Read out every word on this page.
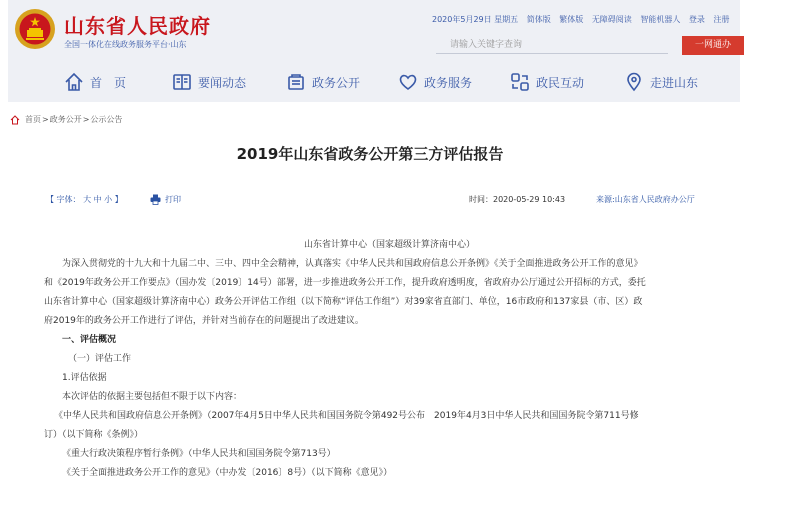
山东省人民政府
全国一体化在线政务服务平台·山东
2020年5月29日 星期五 简体版 繁体版 无障碍阅读 智能机器人 登录 注册
请输入关键字查询
一网通办
首　页	要闻动态	政务公开	政务服务	政民互动	走进山东
首页 > 政务公开 > 公示公告
2019年山东省政务公开第三方评估报告
【 字体： 大 中 小 】	打印	时间：2020-05-29 10:43	来源:山东省人民政府办公厅

山东省计算中心（国家超级计算济南中心）

为深入贯彻党的十九大和十九届二中、三中、四中全会精神，认真落实《中华人民共和国政府信息公开条例》《关于全面推进政务公开工作的意见》

和《2019年政务公开工作要点》（国办发〔2019〕14号）部署，进一步推进政务公开工作，提升政府透明度，省政府办公厅通过公开招标的方式，委托

山东省计算中心（国家超级计算济南中心）政务公开评估工作组（以下简称“评估工作组”）对39家省直部门、单位，16市政府和137家县（市、区）政

府2019年的政务公开工作进行了评估，并针对当前存在的问题提出了改进建议。

一、评估概况

（一）评估工作

1.评估依据

本次评估的依据主要包括但不限于以下内容：

《中华人民共和国政府信息公开条例》（2007年4月5日中华人民共和国国务院令第492号公布　2019年4月3日中华人民共和国国务院令第711号修

订）（以下简称《条例》）

《重大行政决策程序暂行条例》（中华人民共和国国务院令第713号）

《关于全面推进政务公开工作的意见》（中办发〔2016〕8号）（以下简称《意见》）
